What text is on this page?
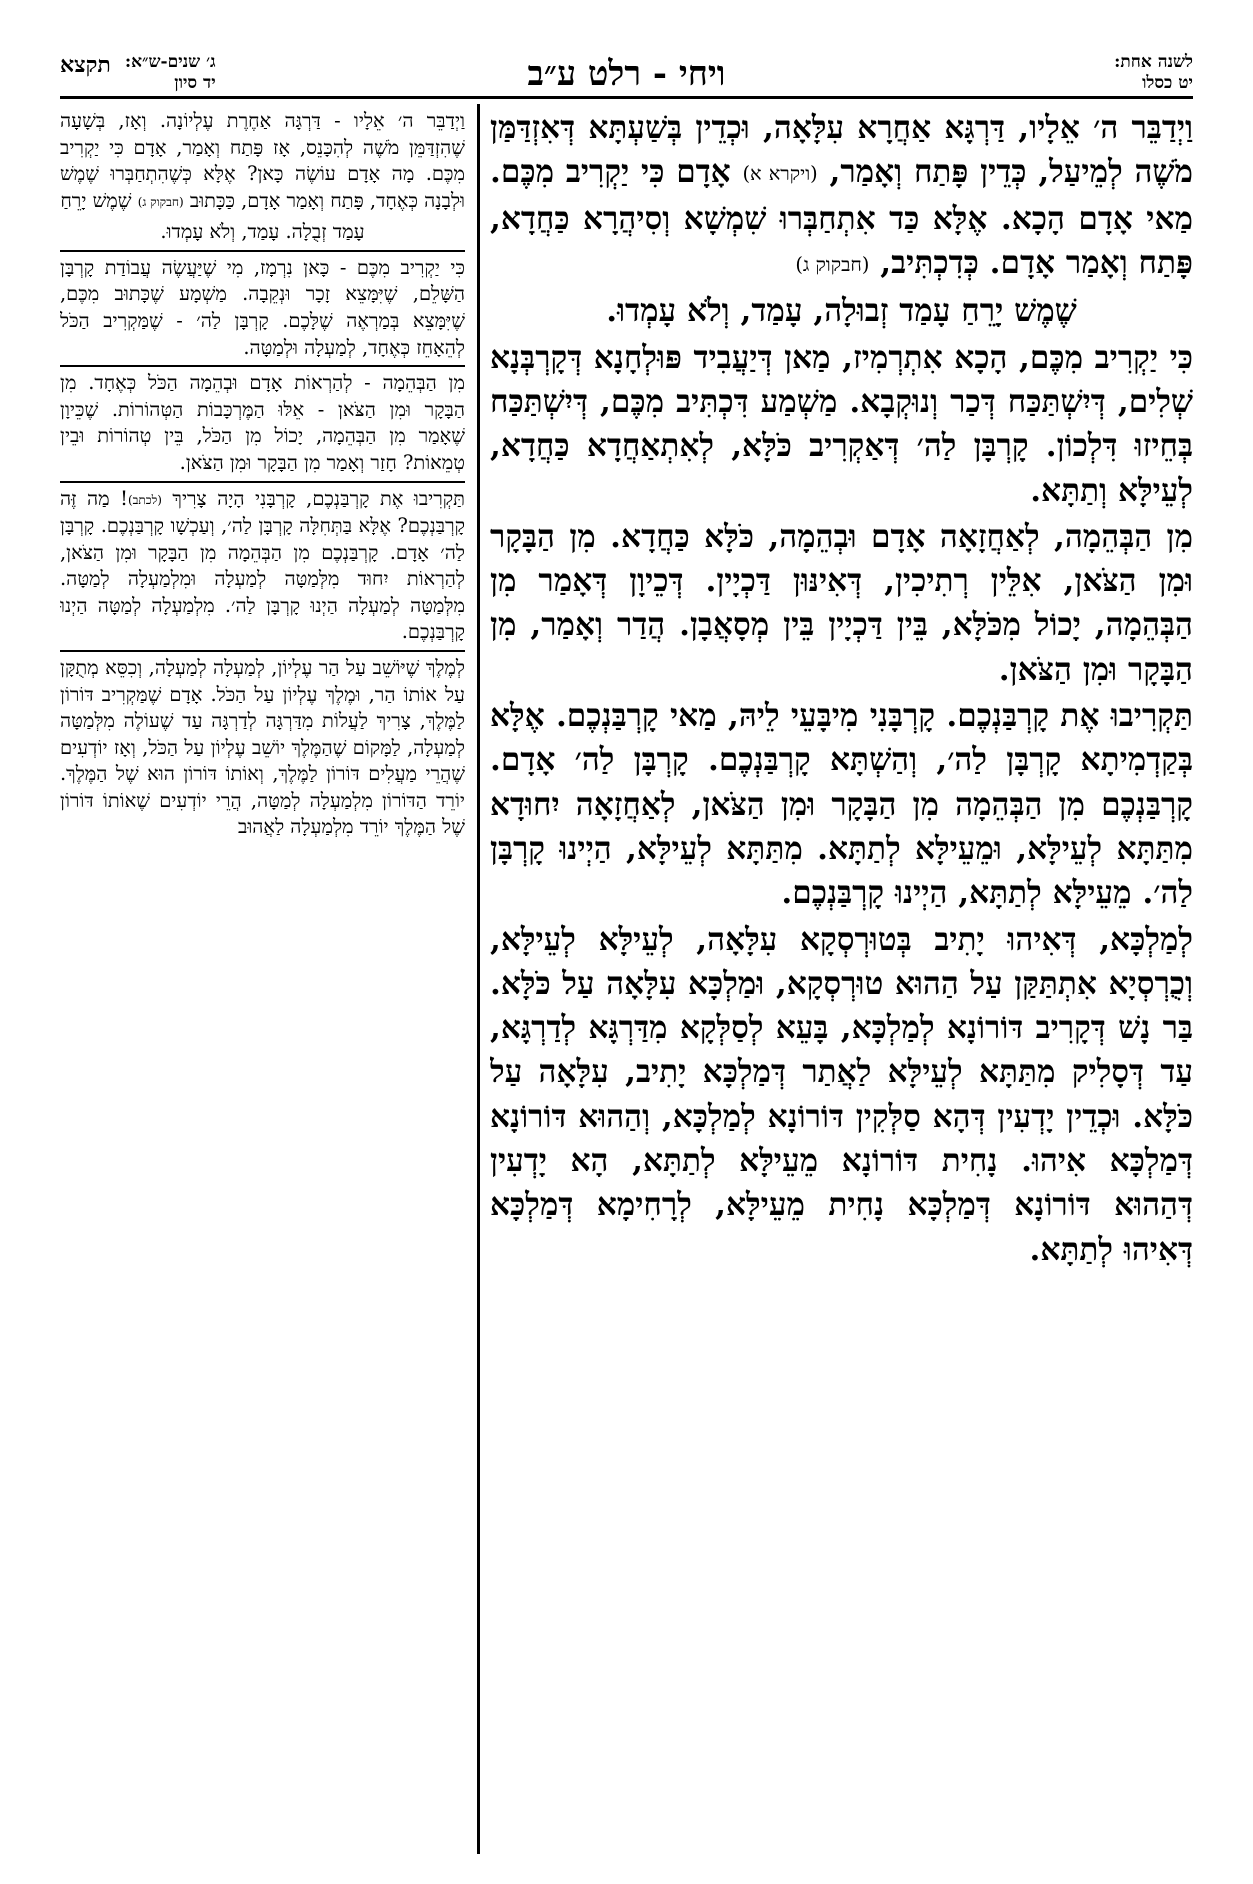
ג׳ שנים-ש״א:
יד סיון
תקצא	ויחי - רלט ע״ב	לשנה אחת:
יט כסלו
וַיְדַבֵּר ה׳ אֵלָיו - דַּרְגָּה אַחֶרֶת עֶלְיוֹנָה. וְאָז, בְּשָׁעָה שֶׁהִזְדַּמֵּן מֹשֶׁה לְהִכָּנֵס, אָז פָּתַח וְאָמַר, אָדָם כִּי יַקְרִיב מִכֶּם. מָה אָדָם עוֹשֶׂה כָּאן? אֶלָּא כְּשֶׁהִתְחַבְּרוּ שֶׁמֶשׁ וּלְבָנָה כְּאֶחָד, פָּתַח וְאָמַר אָדָם, כַּכָּתוּב (חבקוק ג) שֶׁמֶשׁ יָרֵחַ
עָמַד זְבֻלָה. עָמַד, וְלֹא עָמְדוּ.
כִּי יַקְרִיב מִכֶּם - כָּאן נִרְמָז, מִי שֶׁיַּעֲשֶׂה עֲבוֹדַת קָרְבָּן הַשָּׁלֵם, שֶׁיִּמָּצֵא זָכָר וּנְקֵבָה. מַשְׁמָע שֶׁכָּתוּב מִכֶּם, שֶׁיִּמָּצֵא בְּמַרְאֶה שֶׁלָּכֶם. קָרְבָּן לַה׳ - שֶׁמַּקְרִיב הַכֹּל לְהֵאָחֵז כְּאֶחָד, לְמַעְלָה וּלְמַטָּה.
מִן הַבְּהֵמָה - לְהַרְאוֹת אָדָם וּבְהֵמָה הַכֹּל כְּאֶחָד. מִן הַבָּקָר וּמִן הַצֹּאן - אֵלּוּ הַמֶּרְכָּבוֹת הַטְּהוֹרוֹת. שֶׁכֵּיוָן שֶׁאָמַר מִן הַבְּהֵמָה, יָכוֹל מִן הַכֹּל, בֵּין טְהוֹרוֹת וּבֵין טְמֵאוֹת? חָזַר וְאָמַר מִן הַבָּקָר וּמִן הַצֹּאן.
תַּקְרִיבוּ אֶת קָרְבַּנְכֶם, קָרְבָּנִי הָיָה צָרִיךְ (לכתב)! מַה זֶּה קָרְבַּנְכֶם? אֶלָּא בַּתְּחִלָּה קָרְבָּן לַה׳, וְעַכְשָׁו קָרְבַּנְכֶם. קָרְבָּן לַה׳ אָדָם. קָרְבַּנְכֶם מִן הַבְּהֵמָה מִן הַבָּקָר וּמִן הַצֹּאן, לְהַרְאוֹת יִחוּד מִלְּמַטָּה לְמַעְלָה וּמִלְמַעְלָה לְמַטָּה. מִלְּמַטָּה לְמַעְלָה הַיְנוּ קָרְבָּן לַה׳. מִלְמַעְלָה לְמַטָּה הַיְנוּ קָרְבַּנְכֶם.
לְמֶלֶךְ שֶׁיּוֹשֵׁב עַל הַר עֶלְיוֹן, לְמַעְלָה לְמַעְלָה, וְכִסֵּא מְתֻקָּן עַל אוֹתוֹ הַר, וּמֶלֶךְ עֶלְיוֹן עַל הַכֹּל. אָדָם שֶׁמַּקְרִיב דּוֹרוֹן לַמֶּלֶךְ, צָרִיךְ לַעֲלוֹת מִדַּרְגָּה לְדַרְגָּה עַד שֶׁעוֹלֶה מִלְּמַטָּה לְמַעְלָה, לַמָּקוֹם שֶׁהַמֶּלֶךְ יוֹשֵׁב עֶלְיוֹן עַל הַכֹּל, וְאָז יוֹדְעִים שֶׁהֲרֵי מַעֲלִים דּוֹרוֹן לַמֶּלֶךְ, וְאוֹתוֹ דּוֹרוֹן הוּא שֶׁל הַמֶּלֶךְ. יוֹרֵד הַדּוֹרוֹן מִלְמַעְלָה לְמַטָּה, הֲרֵי יוֹדְעִים שֶׁאוֹתוֹ דּוֹרוֹן שֶׁל הַמֶּלֶךְ יוֹרֵד מִלְמַעְלָה לַאֲהוּב
וַיְדַבֵּר ה׳ אֵלָיו, דַּרְגָּא אַחֲרָא עִלָּאָה, וּכְדֵין בְּשַׁעְתָּא דְּאִזְדַּמַּן מֹשֶׁה לְמֵיעַל, כְּדֵין פָּתַח וְאָמַר, (ויקרא א) אָדָם כִּי יַקְרִיב מִכֶּם. מַאי אָדָם הָכָא. אֶלָּא כַּד אִתְחַבְּרוּ שִׁמְשָׁא וְסִיהֲרָא כַּחֲדָא, פָּתַח וְאָמַר אָדָם. כְּדִכְתִּיב, (חבקוק ג)
שֶׁמֶשׁ יָרֵחַ עָמַד זְבוּלָה, עָמַד, וְלֹא עָמְדוּ.
כִּי יַקְרִיב מִכֶּם, הָכָא אִתְרְמִיז, מַאן דְּיַעֲבִיד פּוּלְחָנָא דְּקָרְבְּנָא שְׁלִים, דְּיִשְׁתַּכַּח דְּכַר וְנוּקְבָא. מַשְׁמַע דִּכְתִּיב מִכֶּם, דְּיִשְׁתַּכַּח בְּחֵיזוּ דִּלְכוֹן. קָרְבָּן לַה׳ דְּאַקְרִיב כֹּלָּא, לְאִתְאַחֲדָא כַּחֲדָא, לְעֵילָּא וְתַתָּא.
מִן הַבְּהֵמָה, לְאַחֲזָאָה אָדָם וּבְהֵמָה, כֹּלָּא כַּחֲדָא. מִן הַבָּקָר וּמִן הַצֹּאן, אִלֵּין רְתִיכִין, דְּאִינּוּן דַּכְיָין. דְּכֵיוָן דְּאָמַר מִן הַבְּהֵמָה, יָכוֹל מִכֹּלָּא, בֵּין דַּכְיָין בֵּין מְסָאֲבָן. הֲדַר וְאָמַר, מִן הַבָּקָר וּמִן הַצֹּאן.
תַּקְרִיבוּ אֶת קָרְבַּנְכֶם. קָרְבָּנִי מִיבָּעֵי לֵיהּ, מַאי קָרְבַּנְכֶם. אֶלָּא בְּקַדְמִיתָא קָרְבָּן לַה׳, וְהַשְׁתָּא קָרְבַּנְכֶם. קָרְבָּן לַה׳ אָדָם. קָרְבַּנְכֶם מִן הַבְּהֵמָה מִן הַבָּקָר וּמִן הַצֹּאן, לְאַחֲזָאָה יִחוּדָא מִתַּתָּא לְעֵילָּא, וּמֵעֵילָּא לְתַתָּא. מִתַּתָּא לְעֵילָּא, הַיְינוּ קָרְבָּן לַה׳. מֵעֵילָּא לְתַתָּא, הַיְינוּ קָרְבַּנְכֶם.
לְמַלְכָּא, דְּאִיהוּ יָתִיב בְּטוּרְסְקָא עִלָּאָה, לְעֵילָּא לְעֵילָּא, וְכֻרְסְיָא אִתְתַּקַּן עַל הַהוּא טוּרְסְקָא, וּמַלְכָּא עִלָּאָה עַל כֹּלָּא. בַּר נָשׁ דְּקָרִיב דּוֹרוֹנָא לְמַלְכָּא, בָּעֵא לְסַלְּקָא מִדַּרְגָּא לְדַרְגָּא, עַד דְּסָלִיק מִתַּתָּא לְעֵילָּא לַאֲתַר דְּמַלְכָּא יָתִיב, עִלָּאָה עַל כֹּלָּא. וּכְדֵין יָדְעִין דְּהָא סַלְּקִין דּוֹרוֹנָא לְמַלְכָּא, וְהַהוּא דּוֹרוֹנָא דְּמַלְכָּא אִיהוּ. נָחִית דּוֹרוֹנָא מֵעֵילָּא לְתַתָּא, הָא יָדְעִין דְּהַהוּא דּוֹרוֹנָא דְּמַלְכָּא נָחִית מֵעֵילָּא, לְרָחִימָא דְּמַלְכָּא דְּאִיהוּ לְתַתָּא.
